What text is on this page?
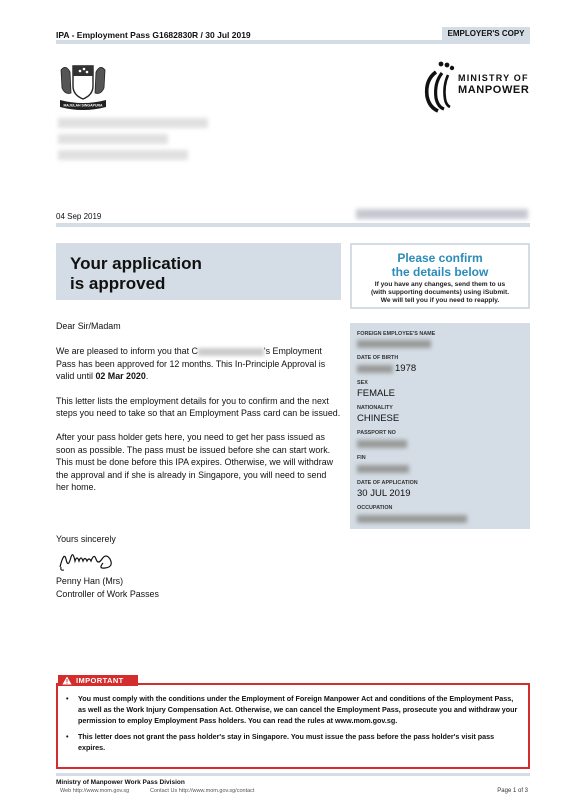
IPA - Employment Pass G1682830R / 30 Jul 2019	EMPLOYER'S COPY
MAJULAH SINGAPURA
MINISTRY OF
MANPOWER
04 Sep 2019
Your application
is approved
Please confirm
the details below
If you have any changes, send them to us
(with supporting documents) using iSubmit.
We will tell you if you need to reapply.

Dear Sir/Madam

We are pleased to inform you that C	's Employment Pass has been approved for 12 months. This In-Principle Approval is valid until 02 Mar 2020.

This letter lists the employment details for you to confirm and the next steps you need to take so that an Employment Pass card can be issued.

After your pass holder gets here, you need to get her pass issued as soon as possible. The pass must be issued before she can start work. This must be done before this IPA expires. Otherwise, we will withdraw the approval and if she is already in Singapore, you will need to send her home.

Yours sincerely
Penny Han (Mrs)
Controller of Work Passes
FOREIGN EMPLOYEE'S NAME
DATE OF BIRTH
1978
SEX
FEMALE
NATIONALITY
CHINESE
PASSPORT NO
FIN
DATE OF APPLICATION
30 JUL 2019
OCCUPATION
IMPORTANT
• You must comply with the conditions under the Employment of Foreign Manpower Act and conditions of the Employment Pass, as well as the Work Injury Compensation Act. Otherwise, we can cancel the Employment Pass, prosecute you and withdraw your permission to employ Employment Pass holders. You can read the rules at www.mom.gov.sg.
• This letter does not grant the pass holder's stay in Singapore. You must issue the pass before the pass holder's visit pass expires.
Ministry of Manpower Work Pass Division
Web http://www.mom.gov.sg	Contact Us http://www.mom.gov.sg/contact	Page 1 of 3
